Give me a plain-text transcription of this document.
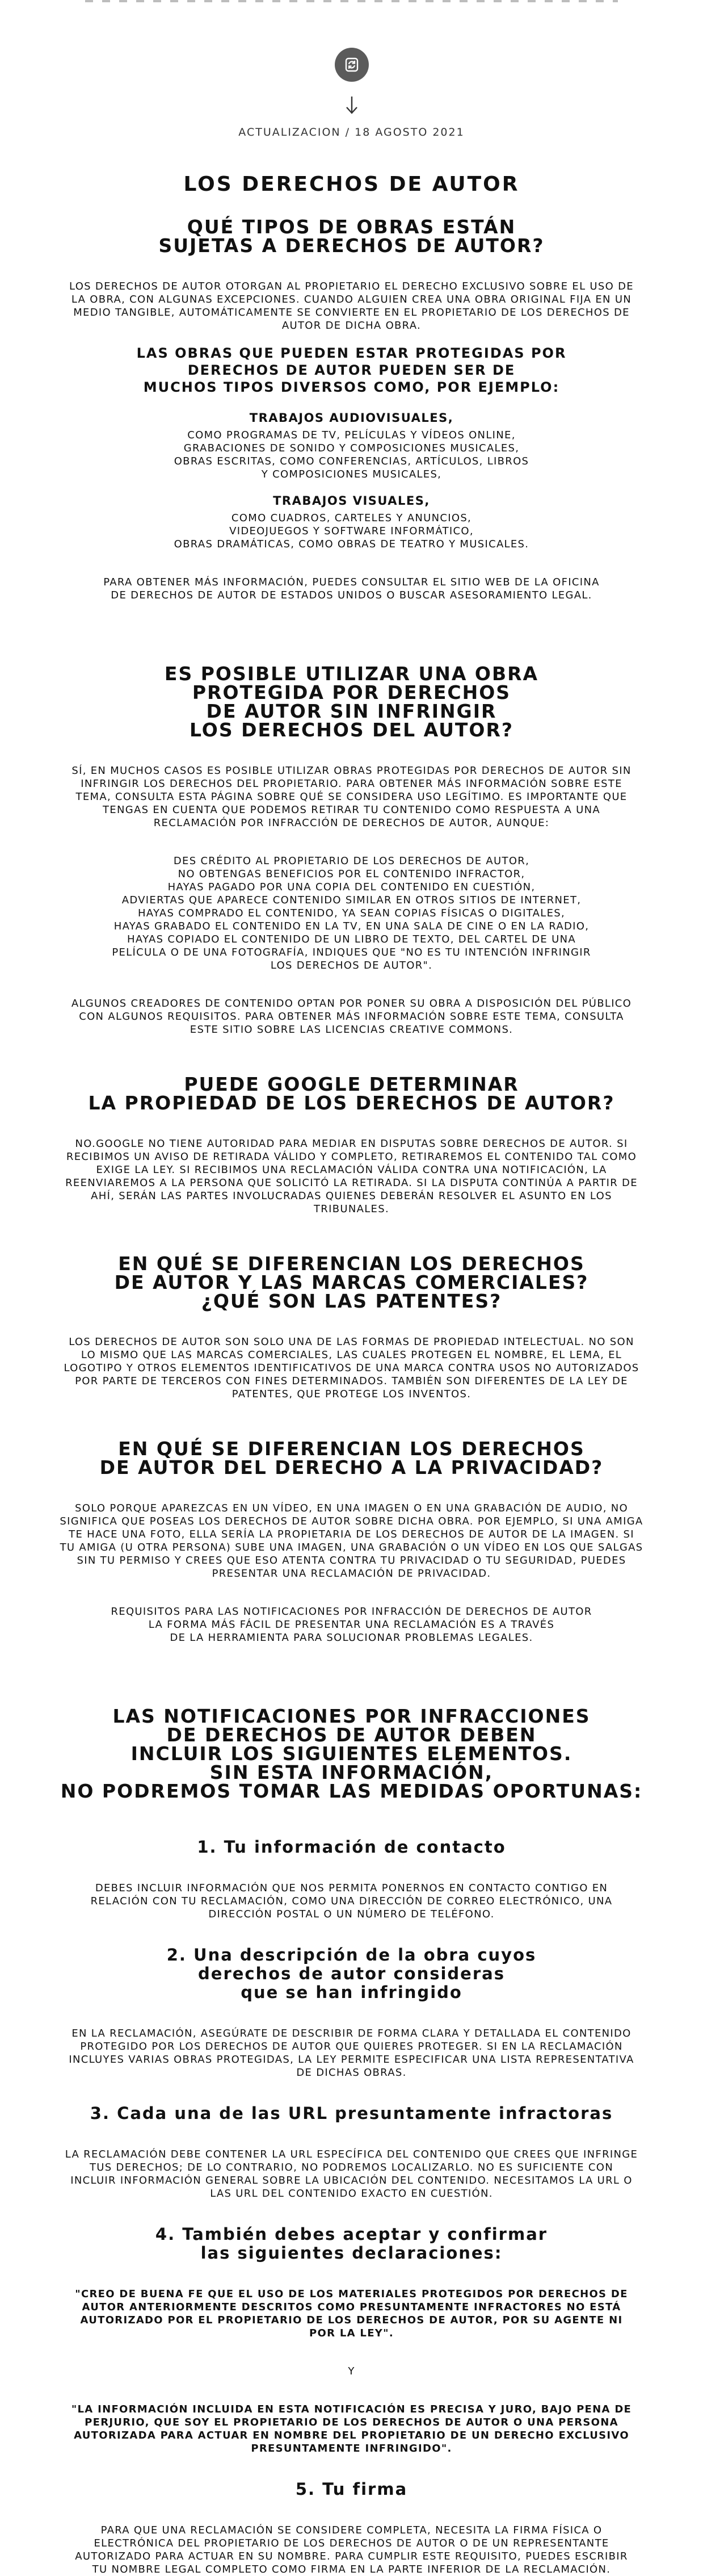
ACTUALIZACION / 18 AGOSTO 2021
LOS DERECHOS DE AUTOR
QUÉ TIPOS DE OBRAS ESTÁN
SUJETAS A DERECHOS DE AUTOR?

LOS DERECHOS DE AUTOR OTORGAN AL PROPIETARIO EL DERECHO EXCLUSIVO SOBRE EL USO DE LA OBRA, CON ALGUNAS EXCEPCIONES. CUANDO ALGUIEN CREA UNA OBRA ORIGINAL FIJA EN UN MEDIO TANGIBLE, AUTOMÁTICAMENTE SE CONVIERTE EN EL PROPIETARIO DE LOS DERECHOS DE AUTOR DE DICHA OBRA.

LAS OBRAS QUE PUEDEN ESTAR PROTEGIDAS POR
DERECHOS DE AUTOR PUEDEN SER DE
MUCHOS TIPOS DIVERSOS COMO, POR EJEMPLO:
TRABAJOS AUDIOVISUALES,

COMO PROGRAMAS DE TV, PELÍCULAS Y VÍDEOS ONLINE,

GRABACIONES DE SONIDO Y COMPOSICIONES MUSICALES,

OBRAS ESCRITAS, COMO CONFERENCIAS, ARTÍCULOS, LIBROS

Y COMPOSICIONES MUSICALES,

TRABAJOS VISUALES,

COMO CUADROS, CARTELES Y ANUNCIOS,

VIDEOJUEGOS Y SOFTWARE INFORMÁTICO,

OBRAS DRAMÁTICAS, COMO OBRAS DE TEATRO Y MUSICALES.

PARA OBTENER MÁS INFORMACIÓN, PUEDES CONSULTAR EL SITIO WEB DE LA OFICINA

DE DERECHOS DE AUTOR DE ESTADOS UNIDOS O BUSCAR ASESORAMIENTO LEGAL.

ES POSIBLE UTILIZAR UNA OBRA
PROTEGIDA POR DERECHOS
DE AUTOR SIN INFRINGIR
LOS DERECHOS DEL AUTOR?

SÍ, EN MUCHOS CASOS ES POSIBLE UTILIZAR OBRAS PROTEGIDAS POR DERECHOS DE AUTOR SIN INFRINGIR LOS DERECHOS DEL PROPIETARIO. PARA OBTENER MÁS INFORMACIÓN SOBRE ESTE TEMA, CONSULTA ESTA PÁGINA SOBRE QUÉ SE CONSIDERA USO LEGÍTIMO. ES IMPORTANTE QUE TENGAS EN CUENTA QUE PODEMOS RETIRAR TU CONTENIDO COMO RESPUESTA A UNA RECLAMACIÓN POR INFRACCIÓN DE DERECHOS DE AUTOR, AUNQUE:

DES CRÉDITO AL PROPIETARIO DE LOS DERECHOS DE AUTOR,

NO OBTENGAS BENEFICIOS POR EL CONTENIDO INFRACTOR,

HAYAS PAGADO POR UNA COPIA DEL CONTENIDO EN CUESTIÓN,

ADVIERTAS QUE APARECE CONTENIDO SIMILAR EN OTROS SITIOS DE INTERNET,

HAYAS COMPRADO EL CONTENIDO, YA SEAN COPIAS FÍSICAS O DIGITALES,

HAYAS GRABADO EL CONTENIDO EN LA TV, EN UNA SALA DE CINE O EN LA RADIO,

HAYAS COPIADO EL CONTENIDO DE UN LIBRO DE TEXTO, DEL CARTEL DE UNA

PELÍCULA O DE UNA FOTOGRAFÍA, INDIQUES QUE "NO ES TU INTENCIÓN INFRINGIR

LOS DERECHOS DE AUTOR".

ALGUNOS CREADORES DE CONTENIDO OPTAN POR PONER SU OBRA A DISPOSICIÓN DEL PÚBLICO CON ALGUNOS REQUISITOS. PARA OBTENER MÁS INFORMACIÓN SOBRE ESTE TEMA, CONSULTA ESTE SITIO SOBRE LAS LICENCIAS CREATIVE COMMONS.

PUEDE GOOGLE DETERMINAR
LA PROPIEDAD DE LOS DERECHOS DE AUTOR?

NO.GOOGLE NO TIENE AUTORIDAD PARA MEDIAR EN DISPUTAS SOBRE DERECHOS DE AUTOR. SI RECIBIMOS UN AVISO DE RETIRADA VÁLIDO Y COMPLETO, RETIRAREMOS EL CONTENIDO TAL COMO EXIGE LA LEY. SI RECIBIMOS UNA RECLAMACIÓN VÁLIDA CONTRA UNA NOTIFICACIÓN, LA REENVIAREMOS A LA PERSONA QUE SOLICITÓ LA RETIRADA. SI LA DISPUTA CONTINÚA A PARTIR DE AHÍ, SERÁN LAS PARTES INVOLUCRADAS QUIENES DEBERÁN RESOLVER EL ASUNTO EN LOS TRIBUNALES.

EN QUÉ SE DIFERENCIAN LOS DERECHOS
DE AUTOR Y LAS MARCAS COMERCIALES?
¿QUÉ SON LAS PATENTES?

LOS DERECHOS DE AUTOR SON SOLO UNA DE LAS FORMAS DE PROPIEDAD INTELECTUAL. NO SON LO MISMO QUE LAS MARCAS COMERCIALES, LAS CUALES PROTEGEN EL NOMBRE, EL LEMA, EL LOGOTIPO Y OTROS ELEMENTOS IDENTIFICATIVOS DE UNA MARCA CONTRA USOS NO AUTORIZADOS POR PARTE DE TERCEROS CON FINES DETERMINADOS. TAMBIÉN SON DIFERENTES DE LA LEY DE PATENTES, QUE PROTEGE LOS INVENTOS.

EN QUÉ SE DIFERENCIAN LOS DERECHOS
DE AUTOR DEL DERECHO A LA PRIVACIDAD?

SOLO PORQUE APAREZCAS EN UN VÍDEO, EN UNA IMAGEN O EN UNA GRABACIÓN DE AUDIO, NO SIGNIFICA QUE POSEAS LOS DERECHOS DE AUTOR SOBRE DICHA OBRA. POR EJEMPLO, SI UNA AMIGA TE HACE UNA FOTO, ELLA SERÍA LA PROPIETARIA DE LOS DERECHOS DE AUTOR DE LA IMAGEN. SI TU AMIGA (U OTRA PERSONA) SUBE UNA IMAGEN, UNA GRABACIÓN O UN VÍDEO EN LOS QUE SALGAS SIN TU PERMISO Y CREES QUE ESO ATENTA CONTRA TU PRIVACIDAD O TU SEGURIDAD, PUEDES PRESENTAR UNA RECLAMACIÓN DE PRIVACIDAD.

REQUISITOS PARA LAS NOTIFICACIONES POR INFRACCIÓN DE DERECHOS DE AUTOR

LA FORMA MÁS FÁCIL DE PRESENTAR UNA RECLAMACIÓN ES A TRAVÉS

DE LA HERRAMIENTA PARA SOLUCIONAR PROBLEMAS LEGALES.

LAS NOTIFICACIONES POR INFRACCIONES
DE DERECHOS DE AUTOR DEBEN
INCLUIR LOS SIGUIENTES ELEMENTOS.
SIN ESTA INFORMACIÓN,
NO PODREMOS TOMAR LAS MEDIDAS OPORTUNAS:
1. Tu información de contacto

DEBES INCLUIR INFORMACIÓN QUE NOS PERMITA PONERNOS EN CONTACTO CONTIGO EN RELACIÓN CON TU RECLAMACIÓN, COMO UNA DIRECCIÓN DE CORREO ELECTRÓNICO, UNA DIRECCIÓN POSTAL O UN NÚMERO DE TELÉFONO.

2. Una descripción de la obra cuyos
derechos de autor consideras
que se han infringido

EN LA RECLAMACIÓN, ASEGÚRATE DE DESCRIBIR DE FORMA CLARA Y DETALLADA EL CONTENIDO PROTEGIDO POR LOS DERECHOS DE AUTOR QUE QUIERES PROTEGER. SI EN LA RECLAMACIÓN INCLUYES VARIAS OBRAS PROTEGIDAS, LA LEY PERMITE ESPECIFICAR UNA LISTA REPRESENTATIVA DE DICHAS OBRAS.

3. Cada una de las URL presuntamente infractoras

LA RECLAMACIÓN DEBE CONTENER LA URL ESPECÍFICA DEL CONTENIDO QUE CREES QUE INFRINGE TUS DERECHOS; DE LO CONTRARIO, NO PODREMOS LOCALIZARLO. NO ES SUFICIENTE CON INCLUIR INFORMACIÓN GENERAL SOBRE LA UBICACIÓN DEL CONTENIDO. NECESITAMOS LA URL O LAS URL DEL CONTENIDO EXACTO EN CUESTIÓN.

4. También debes aceptar y confirmar
las siguientes declaraciones:

"CREO DE BUENA FE QUE EL USO DE LOS MATERIALES PROTEGIDOS POR DERECHOS DE AUTOR ANTERIORMENTE DESCRITOS COMO PRESUNTAMENTE INFRACTORES NO ESTÁ AUTORIZADO POR EL PROPIETARIO DE LOS DERECHOS DE AUTOR, POR SU AGENTE NI POR LA LEY".

Y

"LA INFORMACIÓN INCLUIDA EN ESTA NOTIFICACIÓN ES PRECISA Y JURO, BAJO PENA DE PERJURIO, QUE SOY EL PROPIETARIO DE LOS DERECHOS DE AUTOR O UNA PERSONA AUTORIZADA PARA ACTUAR EN NOMBRE DEL PROPIETARIO DE UN DERECHO EXCLUSIVO PRESUNTAMENTE INFRINGIDO".

5. Tu firma

PARA QUE UNA RECLAMACIÓN SE CONSIDERE COMPLETA, NECESITA LA FIRMA FÍSICA O ELECTRÓNICA DEL PROPIETARIO DE LOS DERECHOS DE AUTOR O DE UN REPRESENTANTE AUTORIZADO PARA ACTUAR EN SU NOMBRE. PARA CUMPLIR ESTE REQUISITO, PUEDES ESCRIBIR TU NOMBRE LEGAL COMPLETO COMO FIRMA EN LA PARTE INFERIOR DE LA RECLAMACIÓN.
